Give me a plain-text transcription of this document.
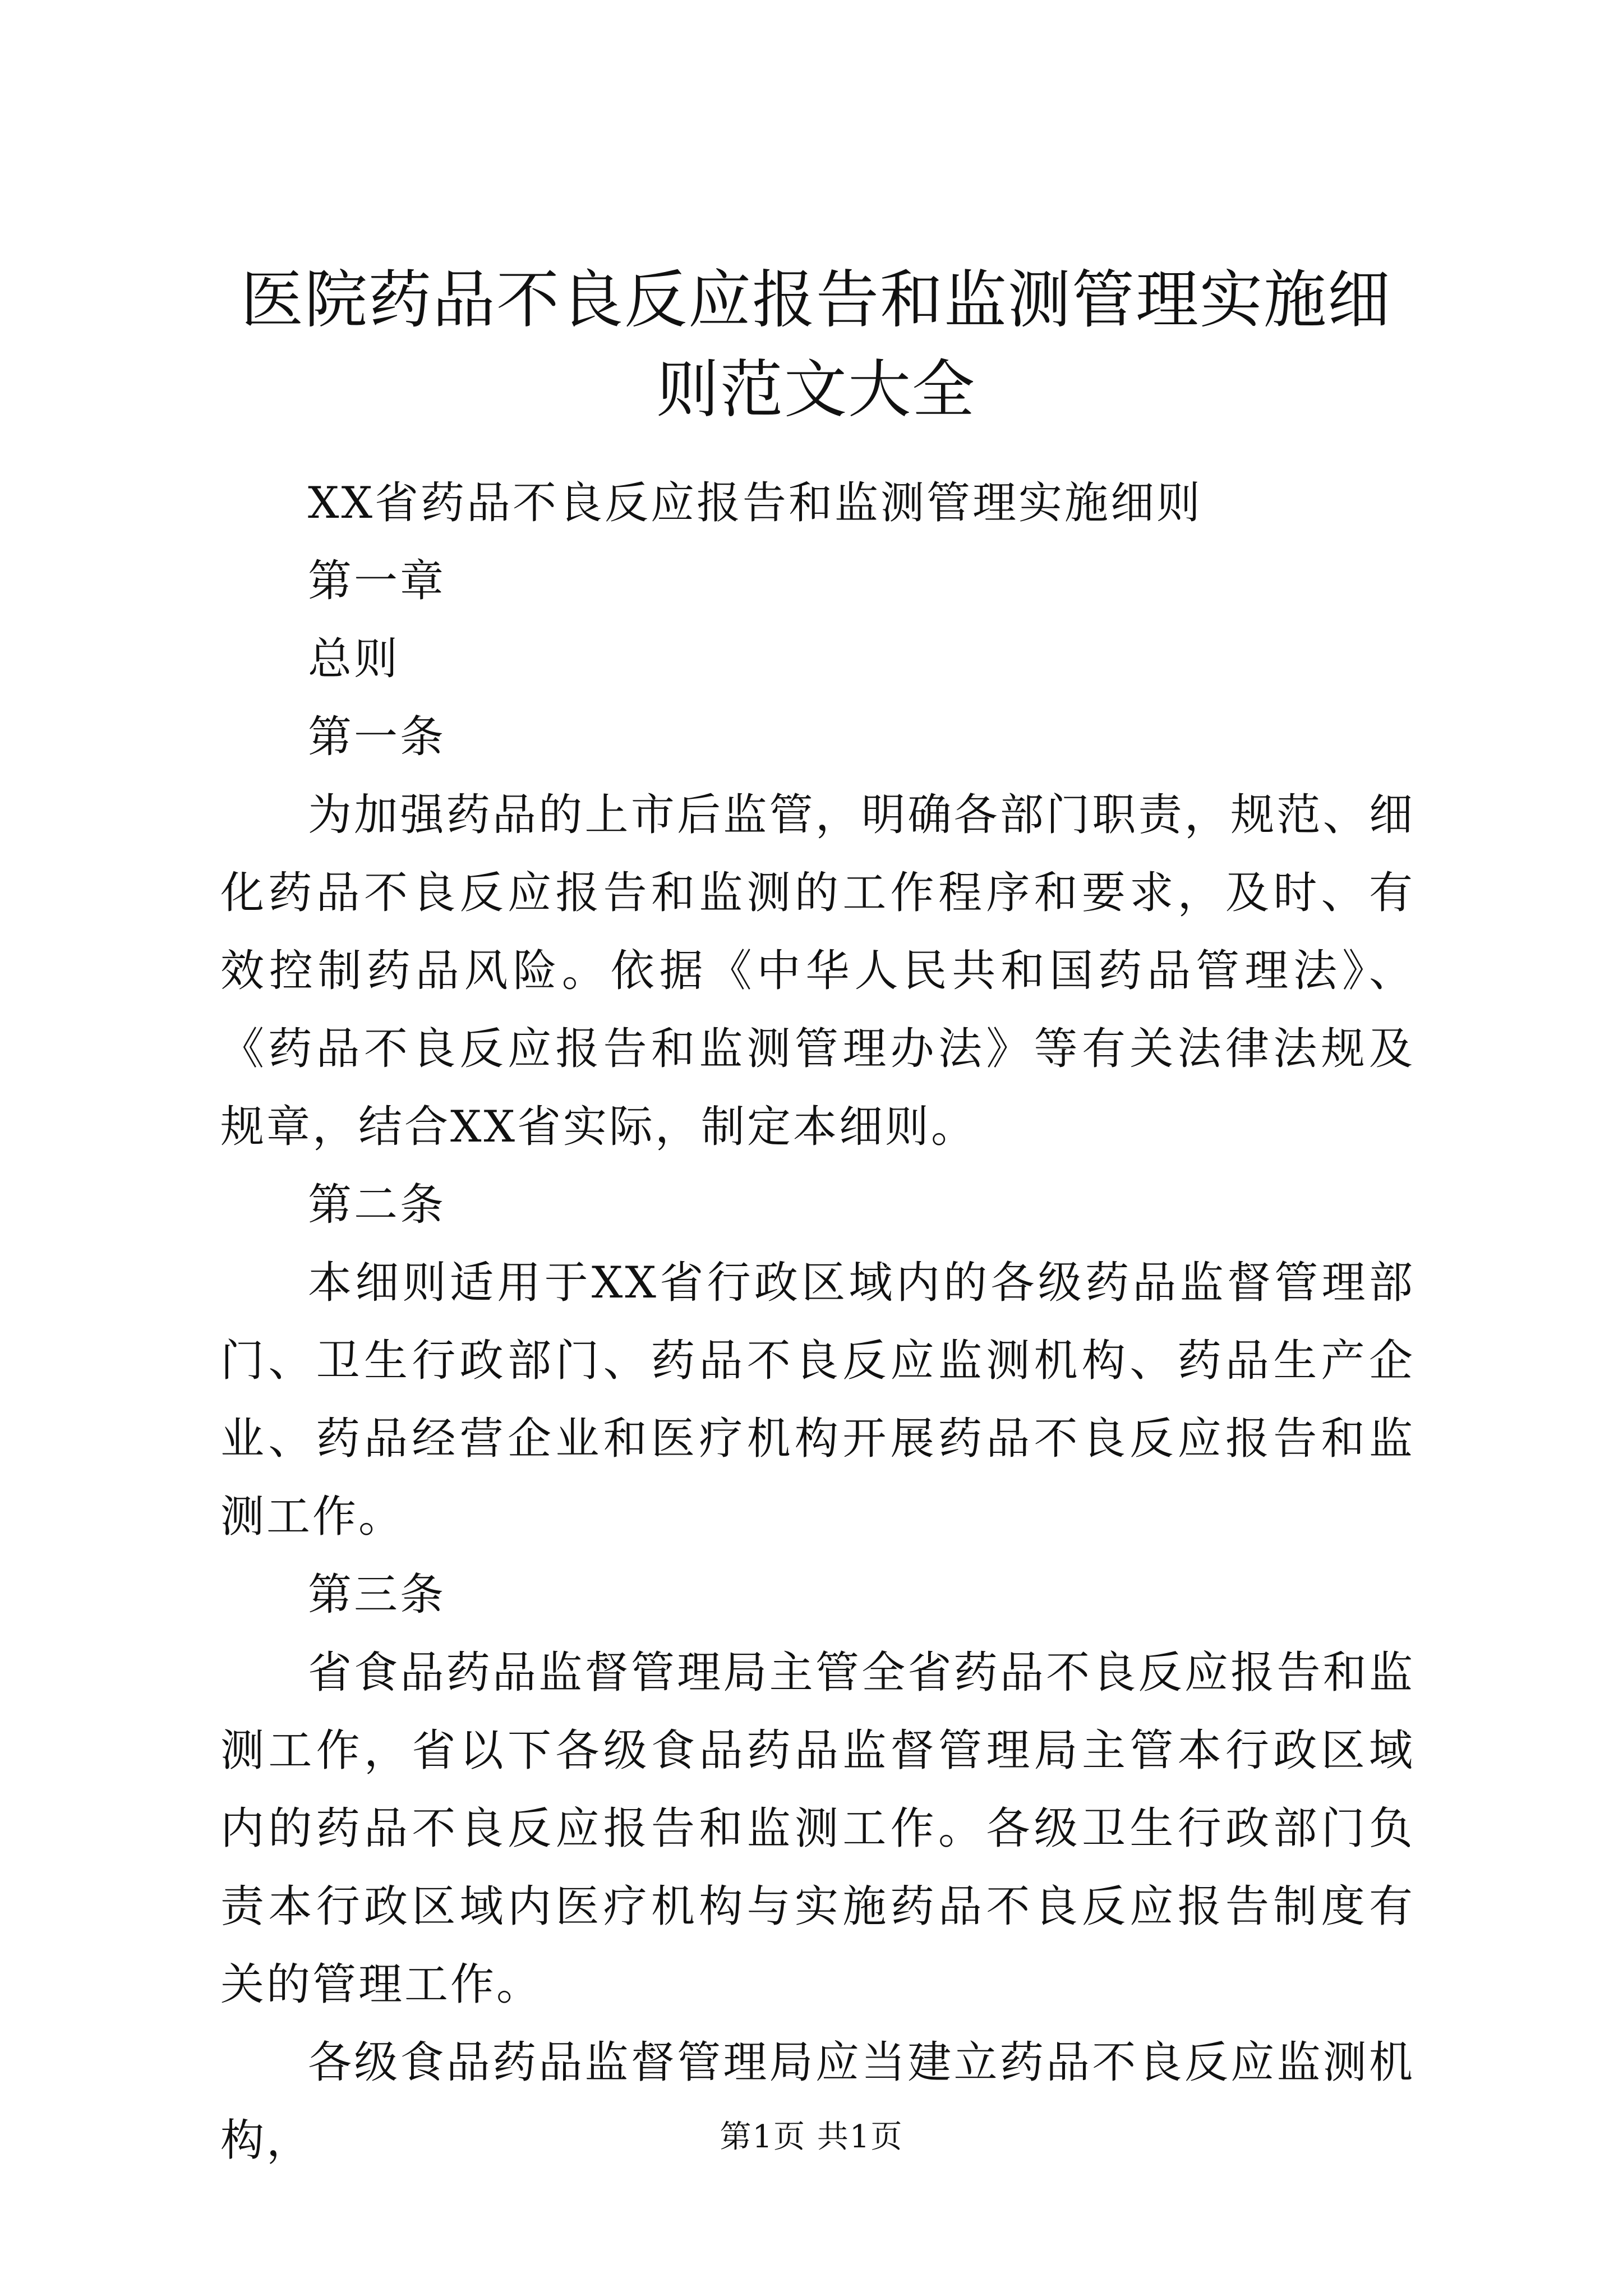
医院药品不良反应报告和监测管理实施细则范文大全

XX省药品不良反应报告和监测管理实施细则

第一章

总则

第一条

为加强药品的上市后监管，明确各部门职责，规范、细化药品不良反应报告和监测的工作程序和要求，及时、有效控制药品风险。依据《中华人民共和国药品管理法》、《药品不良反应报告和监测管理办法》等有关法律法规及规章，结合XX省实际，制定本细则。

第二条

本细则适用于XX省行政区域内的各级药品监督管理部门、卫生行政部门、药品不良反应监测机构、药品生产企业、药品经营企业和医疗机构开展药品不良反应报告和监测工作。

第三条

省食品药品监督管理局主管全省药品不良反应报告和监测工作，省以下各级食品药品监督管理局主管本行政区域内的药品不良反应报告和监测工作。各级卫生行政部门负责本行政区域内医疗机构与实施药品不良反应报告制度有关的管理工作。

各级食品药品监督管理局应当建立药品不良反应监测机构，	第1页 共1页
